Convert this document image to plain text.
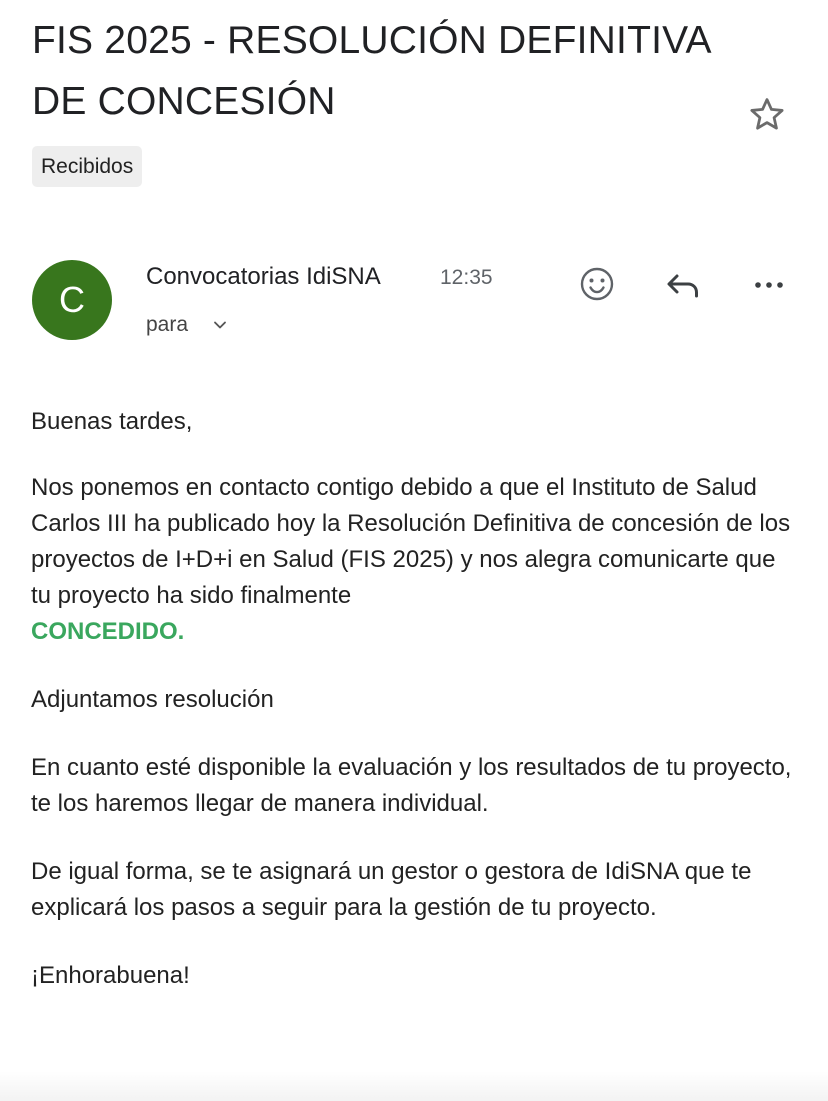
FIS 2025 - RESOLUCIÓN DEFINITIVA DE CONCESIÓN
Recibidos
C
Convocatorias IdiSNA	12:35
para

Buenas tardes,

Nos ponemos en contacto contigo debido a que el Instituto de Salud Carlos III ha publicado hoy la Resolución Definitiva de concesión de los proyectos de I+D+i en Salud (FIS 2025) y nos alegra comunicarte que tu proyecto ha sido finalmente
CONCEDIDO.

Adjuntamos resolución

En cuanto esté disponible la evaluación y los resultados de tu proyecto, te los haremos llegar de manera individual.

De igual forma, se te asignará un gestor o gestora de IdiSNA que te explicará los pasos a seguir para la gestión de tu proyecto.

¡Enhorabuena!
